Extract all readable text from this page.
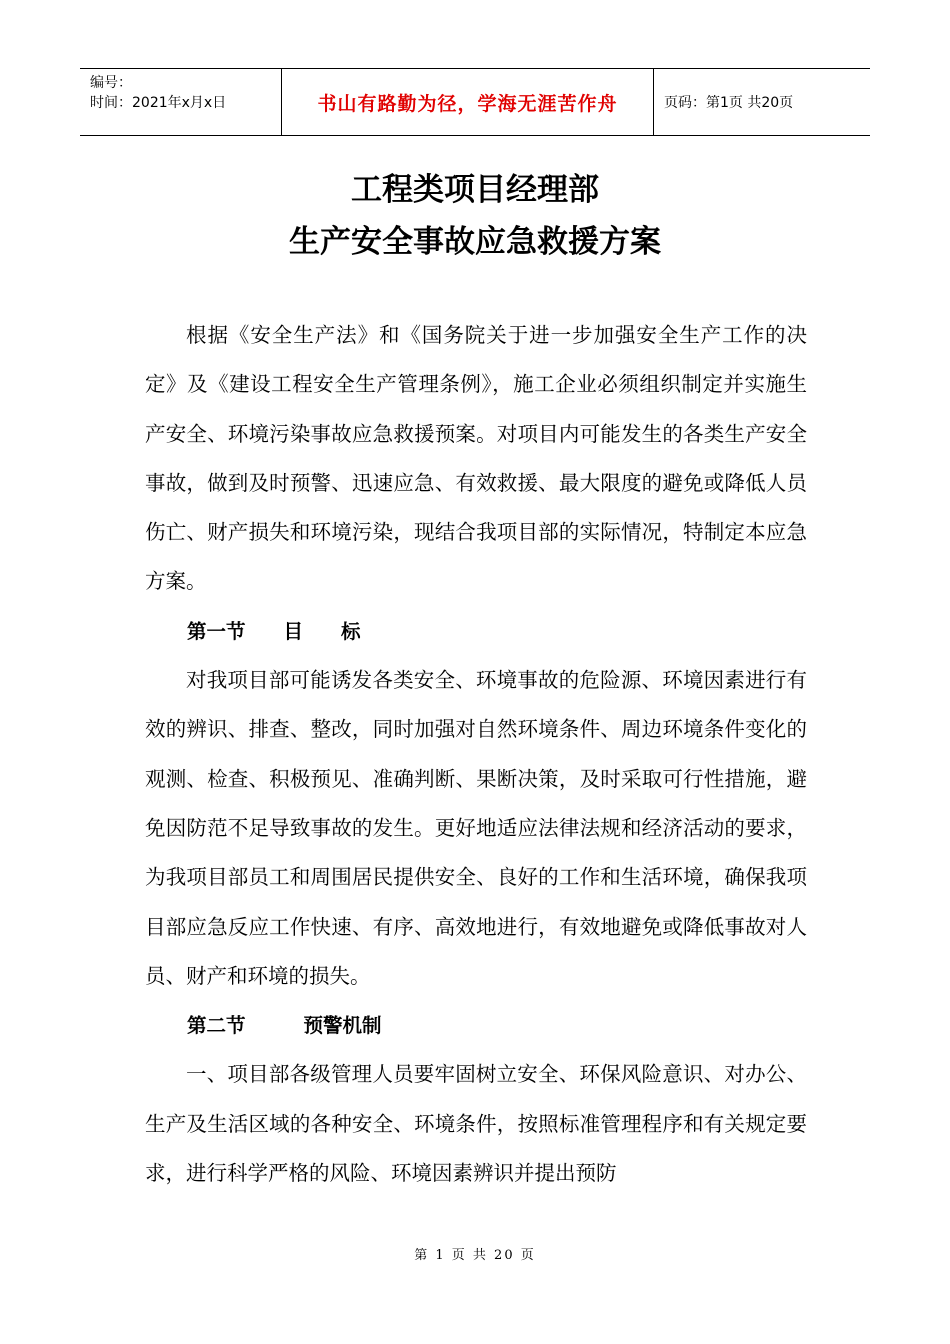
编号：
时间：2021年x月x日	书山有路勤为径，学海无涯苦作舟	页码：第1页 共20页
工程类项目经理部
生产安全事故应急救援方案

根据《安全生产法》和《国务院关于进一步加强安全生产工作的决定》及《建设工程安全生产管理条例》，施工企业必须组织制定并实施生产安全、环境污染事故应急救援预案。对项目内可能发生的各类生产安全事故，做到及时预警、迅速应急、有效救援、最大限度的避免或降低人员伤亡、财产损失和环境污染，现结合我项目部的实际情况，特制定本应急方案。

第一节 目 标

对我项目部可能诱发各类安全、环境事故的危险源、环境因素进行有效的辨识、排查、整改，同时加强对自然环境条件、周边环境条件变化的观测、检查、积极预见、准确判断、果断决策，及时采取可行性措施，避免因防范不足导致事故的发生。更好地适应法律法规和经济活动的要求，为我项目部员工和周围居民提供安全、良好的工作和生活环境，确保我项目部应急反应工作快速、有序、高效地进行，有效地避免或降低事故对人员、财产和环境的损失。

第二节	预警机制

一、项目部各级管理人员要牢固树立安全、环保风险意识、对办公、生产及生活区域的各种安全、环境条件，按照标准管理程序和有关规定要求，进行科学严格的风险、环境因素辨识并提出预防

第 1 页 共 20 页
